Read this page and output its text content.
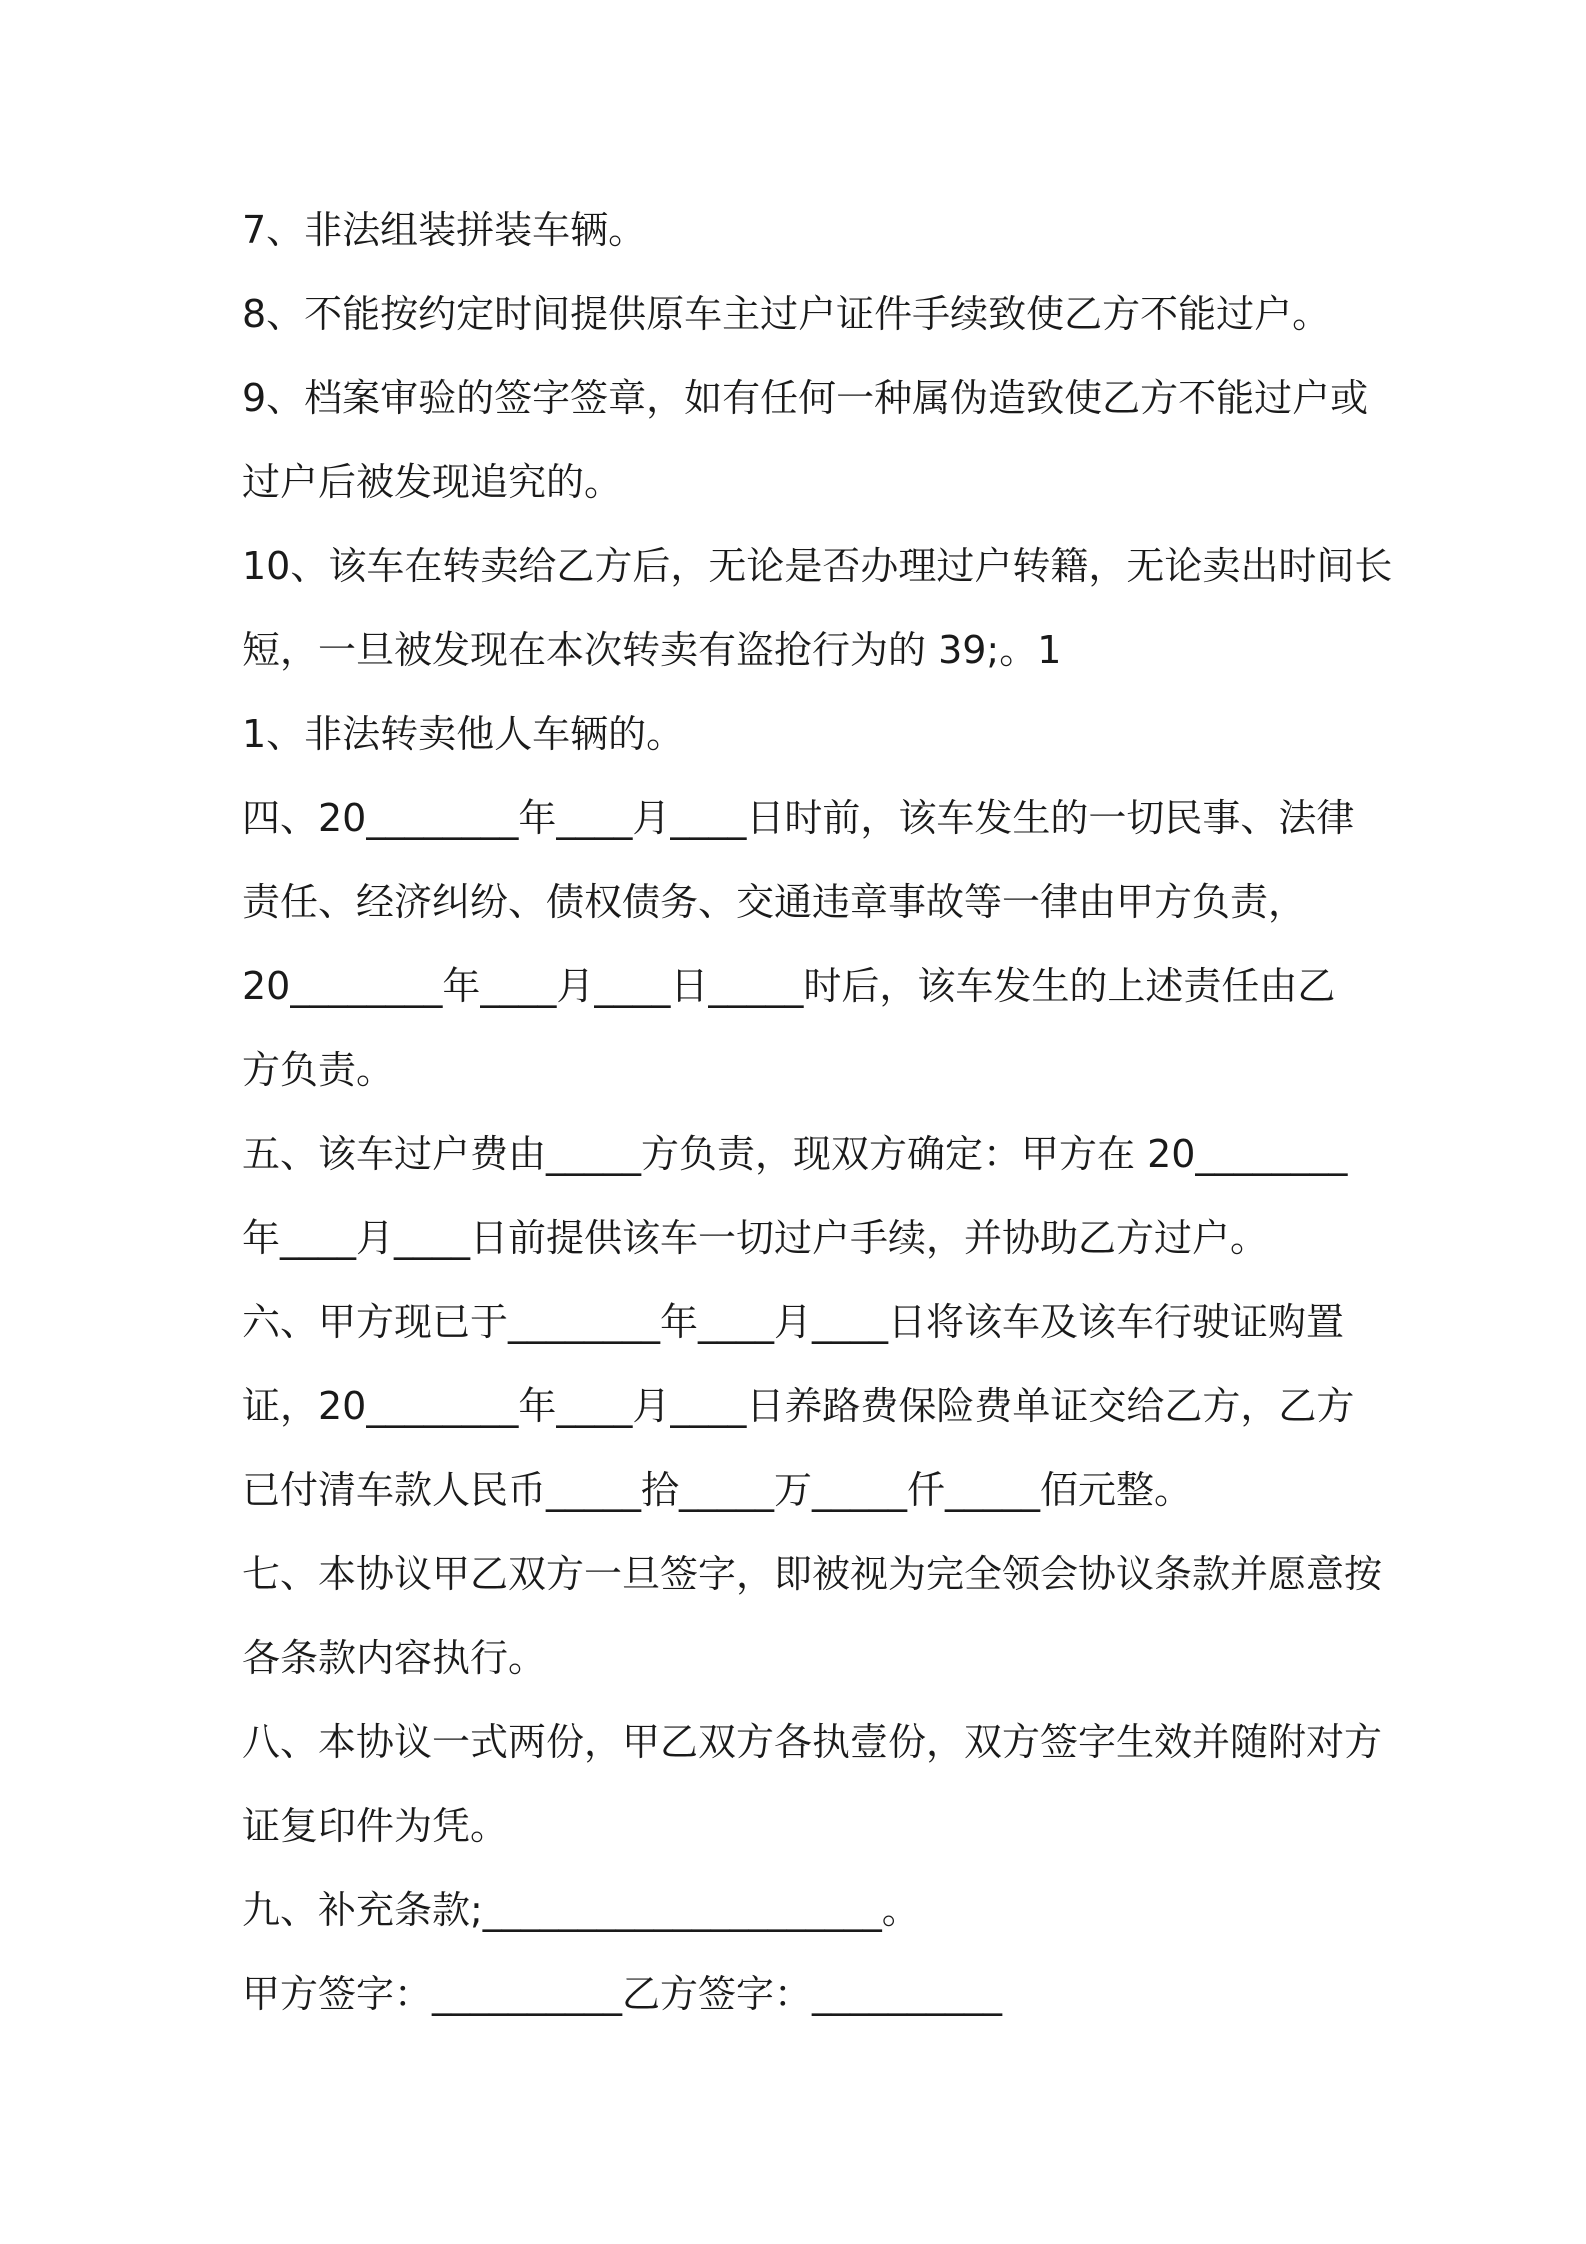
7、非法组装拼装车辆。
8、不能按约定时间提供原车主过户证件手续致使乙方不能过户。
9、档案审验的签字签章，如有任何一种属伪造致使乙方不能过户或
过户后被发现追究的。
10、该车在转卖给乙方后，无论是否办理过户转籍，无论卖出时间长
短，一旦被发现在本次转卖有盗抢行为的 39;。1
1、非法转卖他人车辆的。
四、20________年____月____日时前，该车发生的一切民事、法律
责任、经济纠纷、债权债务、交通违章事故等一律由甲方负责，
20________年____月____日_____时后，该车发生的上述责任由乙
方负责。
五、该车过户费由_____方负责，现双方确定：甲方在 20________
年____月____日前提供该车一切过户手续，并协助乙方过户。
六、甲方现已于________年____月____日将该车及该车行驶证购置
证，20________年____月____日养路费保险费单证交给乙方，乙方
已付清车款人民币_____拾_____万_____仟_____佰元整。
七、本协议甲乙双方一旦签字，即被视为完全领会协议条款并愿意按
各条款内容执行。
八、本协议一式两份，甲乙双方各执壹份，双方签字生效并随附对方
证复印件为凭。
九、补充条款;_____________________。
甲方签字：__________乙方签字：__________
